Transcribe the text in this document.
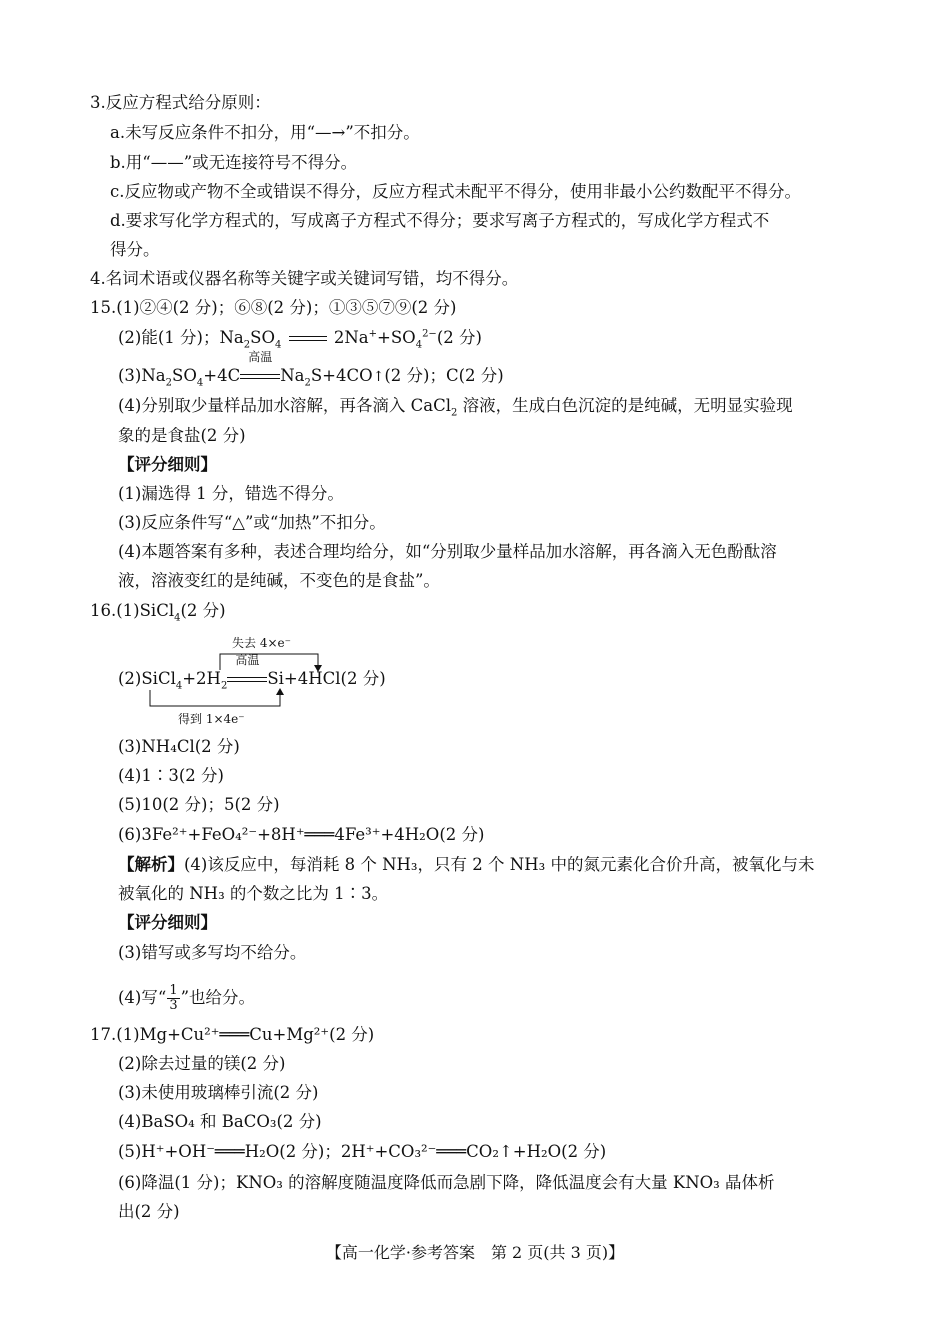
3.反应方程式给分原则：
a.未写反应条件不扣分，用“—→”不扣分。
b.用“——”或无连接符号不得分。
c.反应物或产物不全或错误不得分，反应方程式未配平不得分，使用非最小公约数配平不得分。
d.要求写化学方程式的，写成离子方程式不得分；要求写离子方程式的，写成化学方程式不
得分。
4.名词术语或仪器名称等关键字或关键词写错，均不得分。
15.(1)②④(2 分)；⑥⑧(2 分)；①③⑤⑦⑨(2 分)
(2)能(1 分)；$Na_2SO_4$	$2Na^++SO_4^{2-}(2$ 分)
$(3)Na_2SO_4+4C$
高温
$Na_2S+4CO↑(2$ 分)；C(2 分)
(4)分别取少量样品加水溶解，再各滴入 CaCl$_2$ 溶液，生成白色沉淀的是纯碱，无明显实验现
象的是食盐(2 分)
【评分细则】
(1)漏选得 1 分，错选不得分。
(3)反应条件写“△”或“加热”不扣分。
(4)本题答案有多种，表述合理均给分，如“分别取少量样品加水溶解，再各滴入无色酚酞溶
液，溶液变红的是纯碱，不变色的是食盐”。
16.(1)SiCl$_4$(2 分)
失去 4×e⁻
得到 1×4e⁻
$(2)SiCl_4+2H_2$
高温
Si+4HCl(2 分)
(3)NH₄Cl(2 分)
(4)1∶3(2 分)
(5)10(2 分)；5(2 分)
(6)3Fe²⁺+FeO₄²⁻+8H⁺═══4Fe³⁺+4H₂O(2 分)
【解析】(4)该反应中，每消耗 8 个 NH₃，只有 2 个 NH₃ 中的氮元素化合价升高，被氧化与未
被氧化的 NH₃ 的个数之比为 1∶3。
【评分细则】
(3)错写或多写均不给分。
(4)写“ $\frac{1}{3}$ ”也给分。
17.(1)Mg+Cu²⁺═══Cu+Mg²⁺(2 分)
(2)除去过量的镁(2 分)
(3)未使用玻璃棒引流(2 分)
(4)BaSO₄ 和 BaCO₃(2 分)
(5)H⁺+OH⁻═══H₂O(2 分)；2H⁺+CO₃²⁻═══CO₂↑+H₂O(2 分)
(6)降温(1 分)；KNO₃ 的溶解度随温度降低而急剧下降，降低温度会有大量 KNO₃ 晶体析
出(2 分)
【高一化学·参考答案　第 2 页(共 3 页)】
